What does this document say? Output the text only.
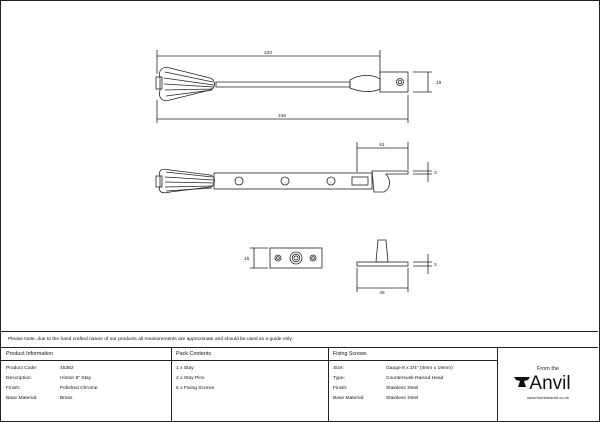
220
246
18
61
3
16
45
3
Please Note, due to the hand crafted nature of our products all measurements are approximate and should be used as a guide only.
Product Information
Product Code:	45362
Description:	Hinton 8" Stay
Finish:	Polished Chrome
Base Material:	Brass
Pack Contents
1 x Stay
2 x Stay Pins
6 x Fixing Screws
Fixing Screws
Size:	Gauge 8 x 3/4" (4mm x 19mm)
Type:	Countersunk Raised Head
Finish:	Stainless Steel
Base Material:	Stainless Steel
From the
Anvil
www.fromtheanvil.co.uk
